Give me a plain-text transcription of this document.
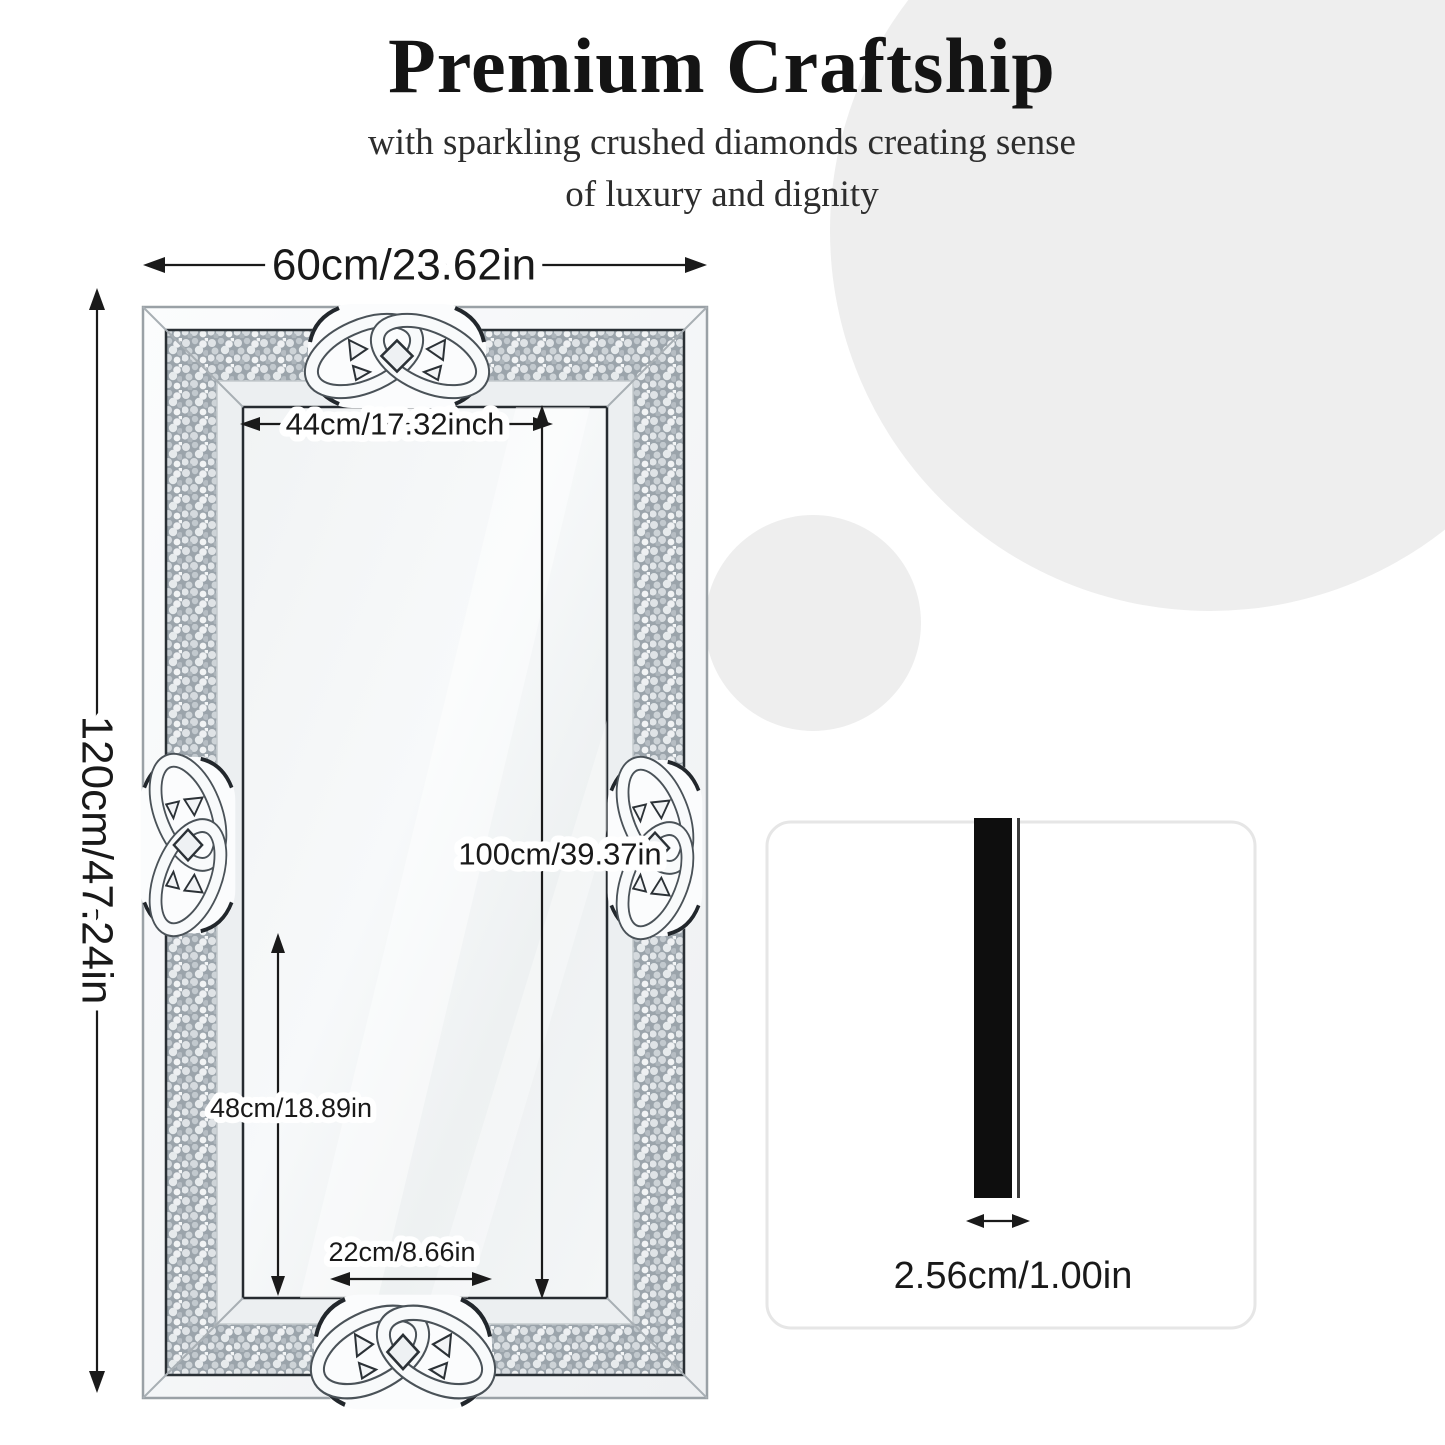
Premium Craftship
with sparkling crushed diamonds creating sense
of luxury and dignity
60cm/23.62in
120cm/47.24in
44cm/17.32inch
100cm/39.37in
48cm/18.89in
22cm/8.66in
2.56cm/1.00in
